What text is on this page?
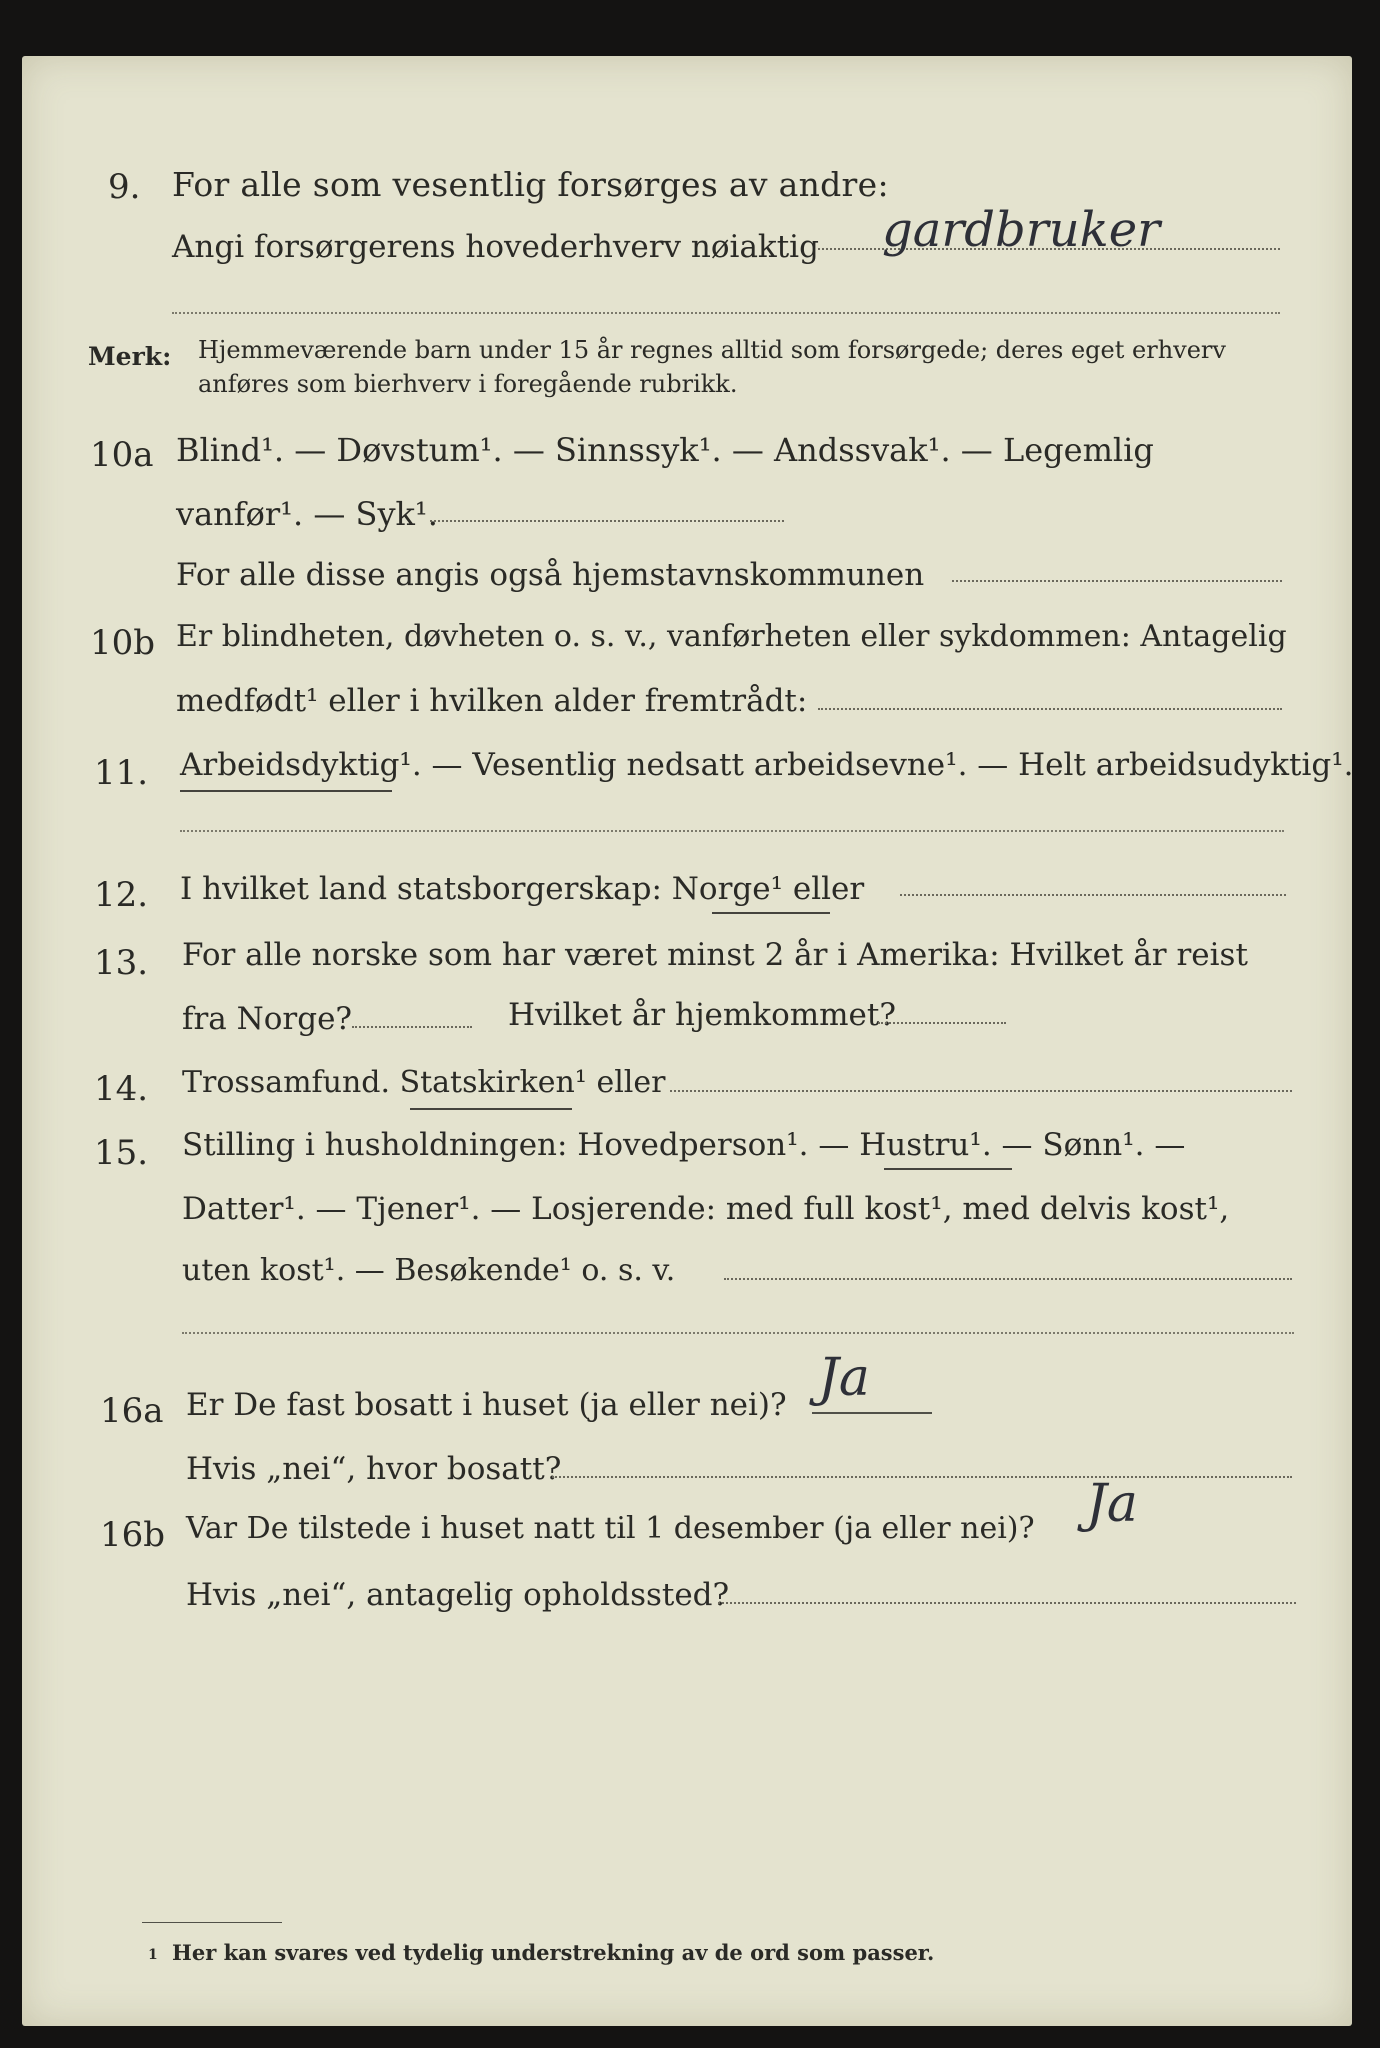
9. For alle som vesentlig forsørges av andre:
Angi forsørgerens hovederhverv nøiaktig gardbruker
Merk: Hjemmeværende barn under 15 år regnes alltid som forsørgede; deres eget erhverv
anføres som bierhverv i foregående rubrikk.
10a Blind¹. — Døvstum¹. — Sinnssyk¹. — Andssvak¹. — Legemlig
vanfør¹. — Syk¹.
For alle disse angis også hjemstavnskommunen
10b Er blindheten, døvheten o. s. v., vanførheten eller sykdommen: Antagelig
medfødt¹ eller i hvilken alder fremtrådt:
11. Arbeidsdyktig¹. — Vesentlig nedsatt arbeidsevne¹. — Helt arbeidsudyktig¹.
12. I hvilket land statsborgerskap: Norge¹ eller
13. For alle norske som har været minst 2 år i Amerika: Hvilket år reist
fra Norge?	Hvilket år hjemkommet?
14. Trossamfund. Statskirken¹ eller
15. Stilling i husholdningen: Hovedperson¹. — Hustru¹. — Sønn¹. —
Datter¹. — Tjener¹. — Losjerende: med full kost¹, med delvis kost¹,
uten kost¹. — Besøkende¹ o. s. v.
16a Er De fast bosatt i huset (ja eller nei)? Ja
Hvis „nei“, hvor bosatt?
16b Var De tilstede i huset natt til 1 desember (ja eller nei)? Ja
Hvis „nei“, antagelig opholdssted?
1 Her kan svares ved tydelig understrekning av de ord som passer.
